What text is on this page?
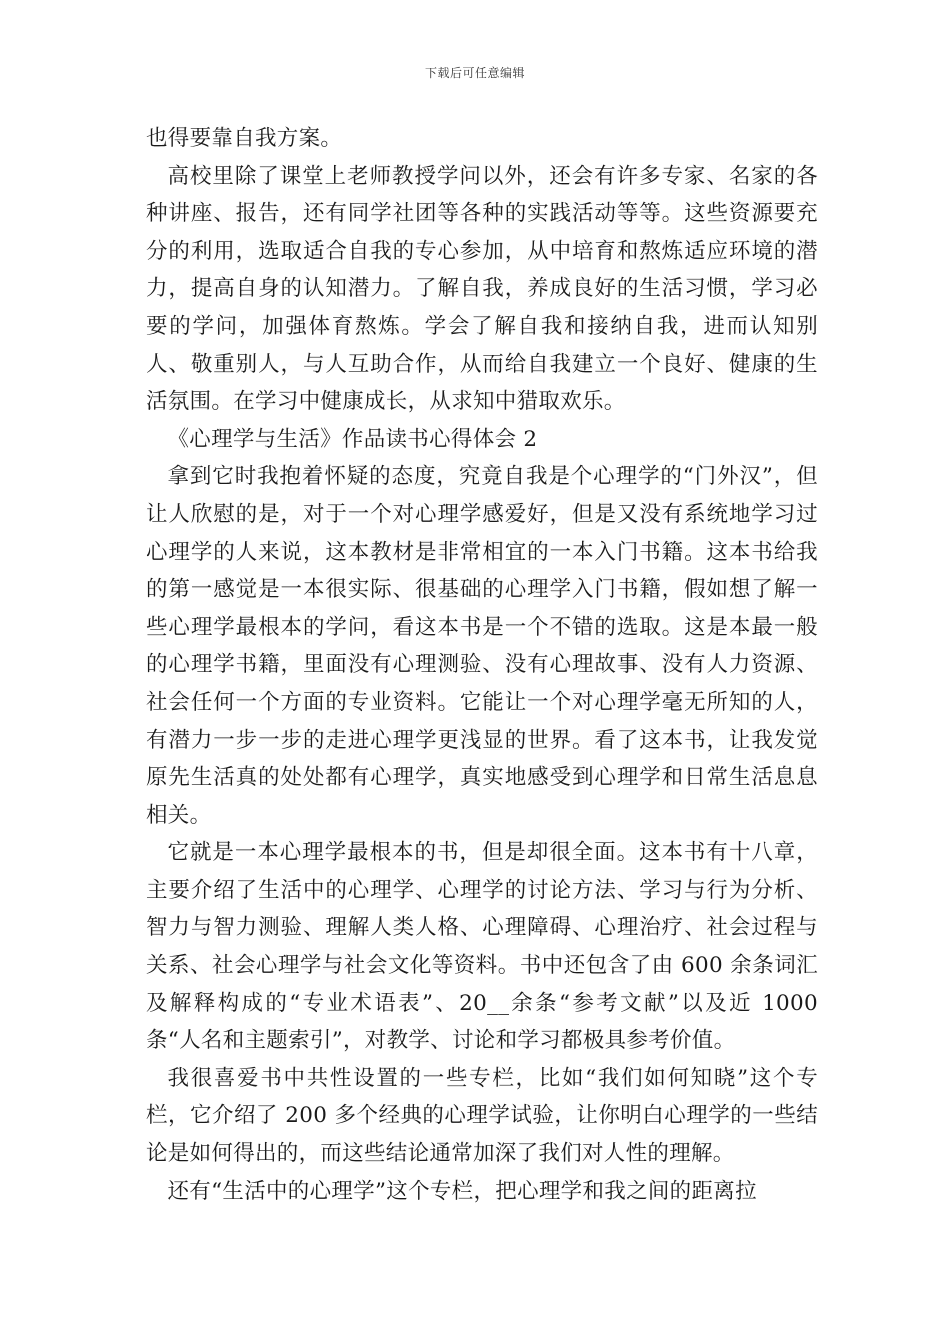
下载后可任意编辑

也得要靠自我方案。

高校里除了课堂上老师教授学问以外，还会有许多专家、名家的各种讲座、报告，还有同学社团等各种的实践活动等等。这些资源要充分的利用，选取适合自我的专心参加，从中培育和熬炼适应环境的潜力，提高自身的认知潜力。了解自我，养成良好的生活习惯，学习必要的学问，加强体育熬炼。学会了解自我和接纳自我，进而认知别人、敬重别人，与人互助合作，从而给自我建立一个良好、健康的生活氛围。在学习中健康成长，从求知中猎取欢乐。

《心理学与生活》作品读书心得体会 2

拿到它时我抱着怀疑的态度，究竟自我是个心理学的“门外汉”，但让人欣慰的是，对于一个对心理学感爱好，但是又没有系统地学习过心理学的人来说，这本教材是非常相宜的一本入门书籍。这本书给我的第一感觉是一本很实际、很基础的心理学入门书籍，假如想了解一些心理学最根本的学问，看这本书是一个不错的选取。这是本最一般的心理学书籍，里面没有心理测验、没有心理故事、没有人力资源、社会任何一个方面的专业资料。它能让一个对心理学毫无所知的人，有潜力一步一步的走进心理学更浅显的世界。看了这本书，让我发觉原先生活真的处处都有心理学，真实地感受到心理学和日常生活息息相关。

它就是一本心理学最根本的书，但是却很全面。这本书有十八章，主要介绍了生活中的心理学、心理学的讨论方法、学习与行为分析、智力与智力测验、理解人类人格、心理障碍、心理治疗、社会过程与关系、社会心理学与社会文化等资料。书中还包含了由 600 余条词汇及解释构成的“专业术语表”、20__余条“参考文献”以及近 1000 条“人名和主题索引”，对教学、讨论和学习都极具参考价值。

我很喜爱书中共性设置的一些专栏，比如“我们如何知晓”这个专栏，它介绍了 200 多个经典的心理学试验，让你明白心理学的一些结论是如何得出的，而这些结论通常加深了我们对人性的理解。

还有“生活中的心理学”这个专栏，把心理学和我之间的距离拉
